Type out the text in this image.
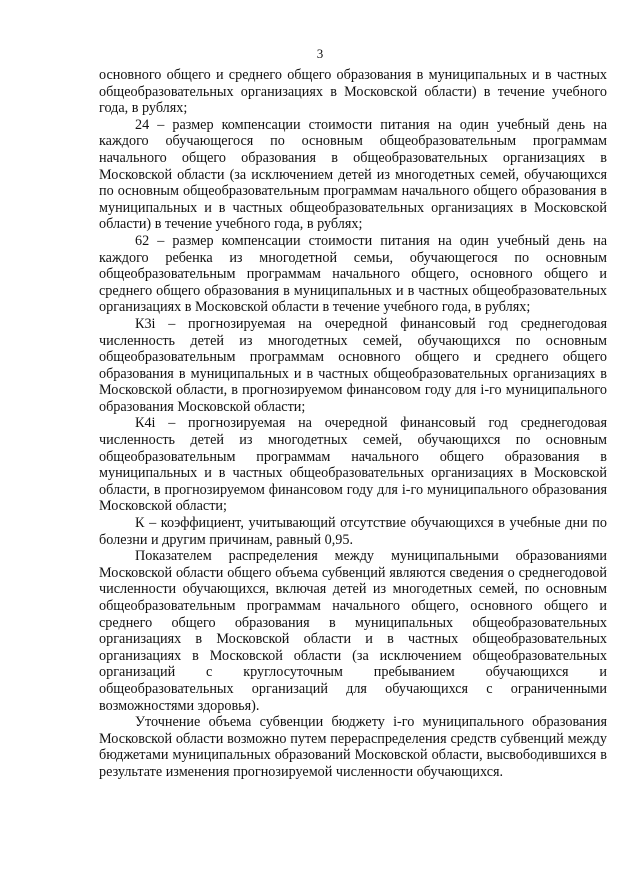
3

основного общего и среднего общего образования в муниципальных и в частных общеобразовательных организациях в Московской области) в течение учебного года, в рублях;

24 – размер компенсации стоимости питания на один учебный день на каждого обучающегося по основным общеобразовательным программам начального общего образования в общеобразовательных организациях в Московской области (за исключением детей из многодетных семей, обучающихся по основным общеобразовательным программам начального общего образования в муниципальных и в частных общеобразовательных организациях в Московской области) в течение учебного года, в рублях;

62 – размер компенсации стоимости питания на один учебный день на каждого ребенка из многодетной семьи, обучающегося по основным общеобразовательным программам начального общего, основного общего и среднего общего образования в муниципальных и в частных общеобразовательных организациях в Московской области в течение учебного года, в рублях;

К3i – прогнозируемая на очередной финансовый год среднегодовая численность детей из многодетных семей, обучающихся по основным общеобразовательным программам основного общего и среднего общего образования в муниципальных и в частных общеобразовательных организациях в Московской области, в прогнозируемом финансовом году для i-го муниципального образования Московской области;

К4i – прогнозируемая на очередной финансовый год среднегодовая численность детей из многодетных семей, обучающихся по основным общеобразовательным программам начального общего образования в муниципальных и в частных общеобразовательных организациях в Московской области, в прогнозируемом финансовом году для i-го муниципального образования Московской области;

К – коэффициент, учитывающий отсутствие обучающихся в учебные дни по болезни и другим причинам, равный 0,95.

Показателем распределения между муниципальными образованиями Московской области общего объема субвенций являются сведения о среднегодовой численности обучающихся, включая детей из многодетных семей, по основным общеобразовательным программам начального общего, основного общего и среднего общего образования в муниципальных общеобразовательных организациях в Московской области и в частных общеобразовательных организациях в Московской области (за исключением общеобразовательных организаций с круглосуточным пребыванием обучающихся и общеобразовательных организаций для обучающихся с ограниченными возможностями здоровья).

Уточнение объема субвенции бюджету i-го муниципального образования Московской области возможно путем перераспределения средств субвенций между бюджетами муниципальных образований Московской области, высвободившихся в результате изменения прогнозируемой численности обучающихся.
